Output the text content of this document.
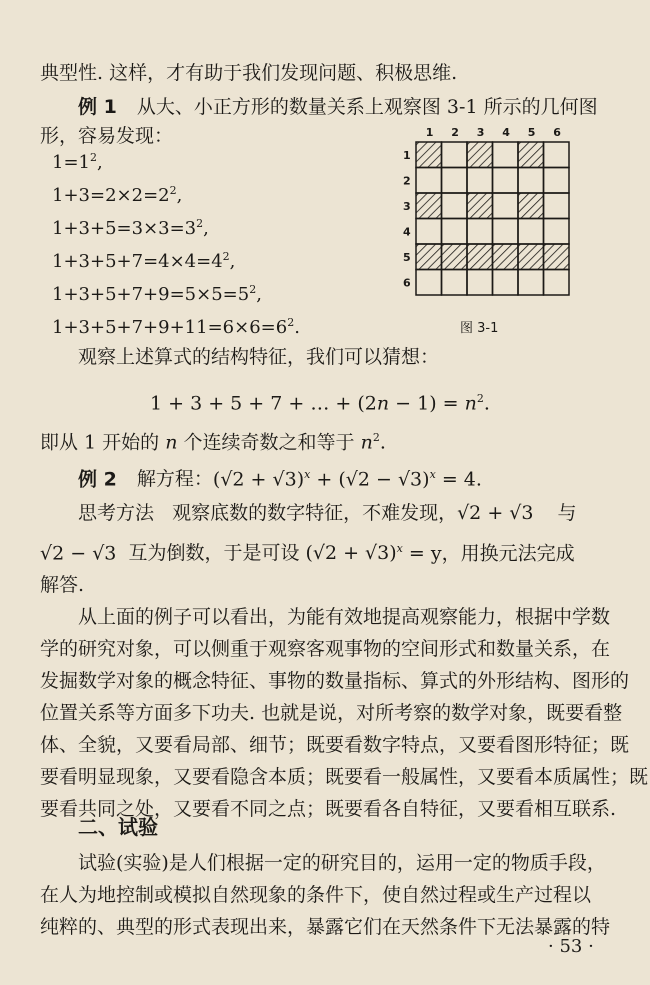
典型性. 这样，才有助于我们发现问题、积极思维.
例 1 从大、小正方形的数量关系上观察图 3-1 所示的几何图
形，容易发现：
$1=1^2$,
$1+3=2\times 2=2^2$,
$1+3+5=3\times 3=3^2$,
$1+3+5+7=4\times 4=4^2$,
$1+3+5+7+9=5\times 5=5^2$,
$1+3+5+7+9+11=6\times 6=6^2$.
1 2 3 4 5 6
1
2
3
4
5
6
图 3-1
观察上述算式的结构特征，我们可以猜想：
1 + 3 + 5 + 7 + … + $(2n - 1) = n^2$.
即从 1 开始的 n 个连续奇数之和等于 $n^2$.
例 2 解方程：$(√2 + √3)^x + (√2 - √3)^x = 4$.
思考方法 观察底数的数字特征，不难发现，√2 + √3 与
√2 − √3 互为倒数，于是可设 $(√2 + √3)^x = y$，用换元法完成
解答.
从上面的例子可以看出，为能有效地提高观察能力，根据中学数
学的研究对象，可以侧重于观察客观事物的空间形式和数量关系，在
发掘数学对象的概念特征、事物的数量指标、算式的外形结构、图形的
位置关系等方面多下功夫. 也就是说，对所考察的数学对象，既要看整
体、全貌，又要看局部、细节；既要看数字特点，又要看图形特征；既
要看明显现象，又要看隐含本质；既要看一般属性，又要看本质属性；既
要看共同之处，又要看不同之点；既要看各自特征，又要看相互联系.
二、试验
试验(实验)是人们根据一定的研究目的，运用一定的物质手段，
在人为地控制或模拟自然现象的条件下，使自然过程或生产过程以
纯粹的、典型的形式表现出来，暴露它们在天然条件下无法暴露的特
· 53 ·
